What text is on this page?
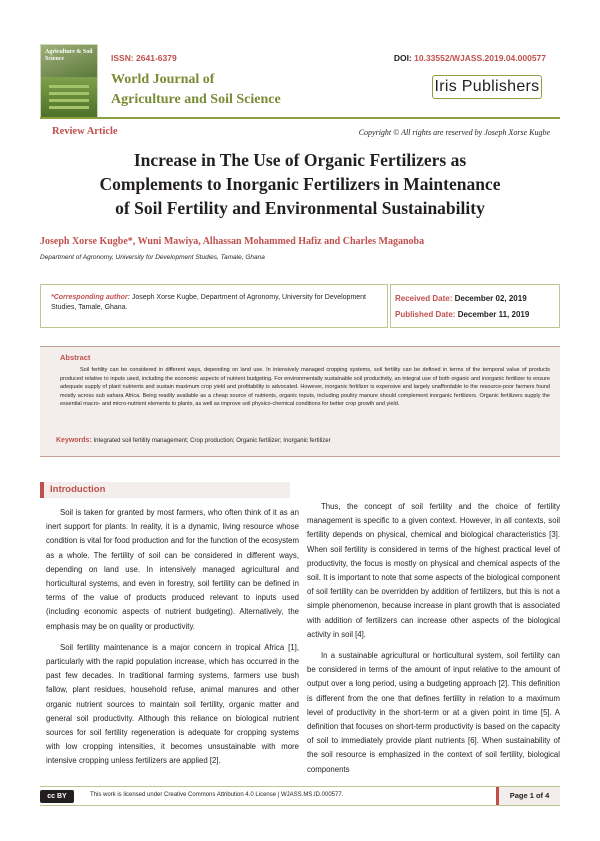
Agriculture & Soil Science	ISSN: 2641-6379
World Journal of
Agriculture and Soil Science
DOI: 10.33552/WJASS.2019.04.000577
Iris Publishers
Review Article	Copyright © All rights are reserved by Joseph Xorse Kugbe
Increase in The Use of Organic Fertilizers as
Complements to Inorganic Fertilizers in Maintenance
of Soil Fertility and Environmental Sustainability
Joseph Xorse Kugbe*, Wuni Mawiya, Alhassan Mohammed Hafiz and Charles Maganoba
Department of Agronomy, University for Development Studies, Tamale, Ghana
*Corresponding author: Joseph Xorse Kugbe, Department of Agronomy, University for Development Studies, Tamale, Ghana.
Received Date: December 02, 2019
Published Date: December 11, 2019
Abstract
Soil fertility can be considered in different ways, depending on land use. In intensively managed cropping systems, soil fertility can be defined in terms of the temporal value of products produced relative to inputs used, including the economic aspects of nutrient budgeting. For environmentally sustainable soil productivity, an integral use of both organic and inorganic fertilizer to ensure adequate supply of plant nutrients and sustain maximum crop yield and profitability is advocated. However, inorganic fertilizer is expensive and largely unaffordable to the resource-poor farmers found mostly across sub sahara Africa. Being readily available as a cheap source of nutrients, organic inputs, including poultry manure should complement inorganic fertilizers. Organic fertilizers supply the essential macro- and micro-nutrient elements to plants, as well as improve soil physico-chemical conditions for better crop growth and yield.
Keywords: Integrated soil fertility management; Crop production; Organic fertilizer; Inorganic fertilizer
Introduction

Soil is taken for granted by most farmers, who often think of it as an inert support for plants. In reality, it is a dynamic, living resource whose condition is vital for food production and for the function of the ecosystem as a whole. The fertility of soil can be considered in different ways, depending on land use. In intensively managed agricultural and horticultural systems, and even in forestry, soil fertility can be defined in terms of the value of products produced relevant to inputs used (including economic aspects of nutrient budgeting). Alternatively, the emphasis may be on quality or productivity.

Soil fertility maintenance is a major concern in tropical Africa [1], particularly with the rapid population increase, which has occurred in the past few decades. In traditional farming systems, farmers use bush fallow, plant residues, household refuse, animal manures and other organic nutrient sources to maintain soil fertility, organic matter and general soil productivity. Although this reliance on biological nutrient sources for soil fertility regeneration is adequate for cropping systems with low cropping intensities, it becomes unsustainable with more intensive cropping unless fertilizers are applied [2].

Thus, the concept of soil fertility and the choice of fertility management is specific to a given context. However, in all contexts, soil fertility depends on physical, chemical and biological characteristics [3]. When soil fertility is considered in terms of the highest practical level of productivity, the focus is mostly on physical and chemical aspects of the soil. It is important to note that some aspects of the biological component of soil fertility can be overridden by addition of fertilizers, but this is not a simple phenomenon, because increase in plant growth that is associated with addition of fertilizers can increase other aspects of the biological activity in soil [4].

In a sustainable agricultural or horticultural system, soil fertility can be considered in terms of the amount of input relative to the amount of output over a long period, using a budgeting approach [2]. This definition is different from the one that defines fertility in relation to a maximum level of productivity in the short-term or at a given point in time [5]. A definition that focuses on short-term productivity is based on the capacity of soil to immediately provide plant nutrients [6]. When sustainability of the soil resource is emphasized in the context of soil fertility, biological components

cc BY	This work is licensed under Creative Commons Attribution 4.0 License | WJASS.MS.ID.000577.	Page 1 of 4
